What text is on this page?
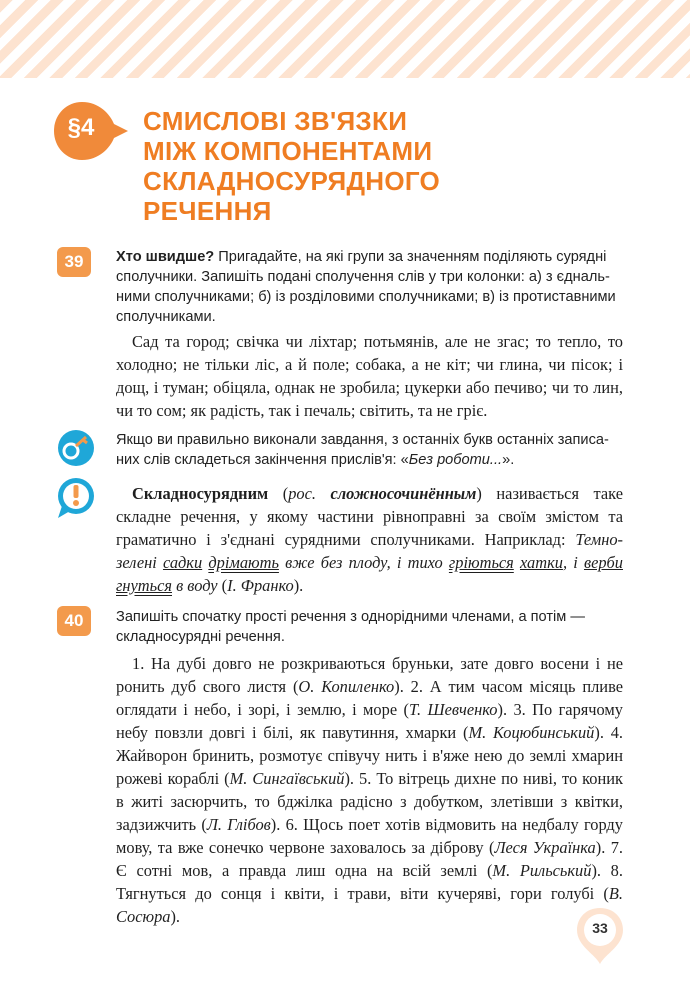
§4	СМИСЛОВІ ЗВ'ЯЗКИ
МІЖ КОМПОНЕНТАМИ
СКЛАДНОСУРЯДНОГО
РЕЧЕННЯ
39	Хто швидше? Пригадайте, на які групи за значенням поділяють сурядні сполучники. Запишіть подані сполучення слів у три колонки: а) з єднальними сполучниками; б) із розділовими сполучниками; в) із протиставними сполучниками.
Сад та город; свічка чи ліхтар; потьмянів, але не згас; то тепло, то холодно; не тільки ліс, а й поле; собака, а не кіт; чи глина, чи пісок; і дощ, і туман; обіцяла, однак не зробила; цукерки або печиво; чи то лин, чи то сом; як радість, так і печаль; світить, та не гріє.
Якщо ви правильно виконали завдання, з останніх букв останніх записаних слів складеться закінчення прислів'я: «Без роботи...».
Складносурядним (рос. сложносочинённым) називається таке складне речення, у якому частини рівноправні за своїм змістом та граматично і з'єднані сурядними сполучниками. Наприклад: Темно-зелені садки дрімають вже без плоду, і тихо гріються хатки, і верби гнуться в воду (І. Франко).
40	Запишіть спочатку прості речення з однорідними членами, а потім — складносурядні речення.
1. На дубі довго не розкриваються бруньки, зате довго восени і не ронить дуб свого листя (О. Копиленко). 2. А тим часом місяць пливе оглядати і небо, і зорі, і землю, і море (Т. Шевченко). 3. По гарячому небу повзли довгі і білі, як павутиння, хмарки (М. Коцюбинський). 4. Жайворон бринить, розмотує співучу нить і в'яже нею до землі хмарин рожеві кораблі (М. Сингаївський). 5. То вітрець дихне по ниві, то коник в житі засюрчить, то бджілка радісно з добутком, злетівши з квітки, задзижчить (Л. Глібов). 6. Щось поет хотів відмовить на недбалу горду мову, та вже сонечко червоне заховалось за діброву (Леся Українка). 7. Є сотні мов, а правда лиш одна на всій землі (М. Рильський). 8. Тягнуться до сонця і квіти, і трави, віти кучеряві, гори голубі (В. Сосюра).
33
